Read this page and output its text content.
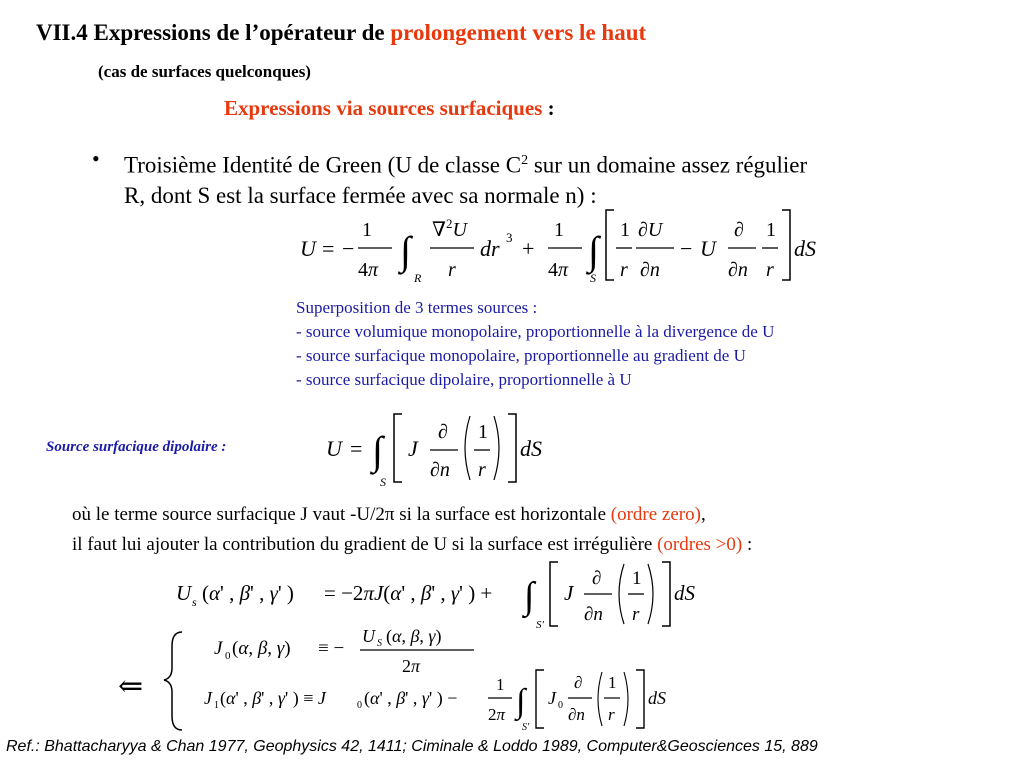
VII.4 Expressions de l’opérateur de prolongement vers le haut
(cas de surfaces quelconques)
Expressions via sources surfaciques :
• Troisième Identité de Green (U de classe $C^2$ sur un domaine assez régulier
R, dont S est la surface fermée avec sa normale n) :
U = −
1
4π ∫
R
∇$^2$U
r
dr 3 +
1
4π ∫
S
1
r
∂U
∂n
− U
∂
∂n
1
r
dS
Superposition de 3 termes sources :
- source volumique monopolaire, proportionnelle à la divergence de U
- source surfacique monopolaire, proportionnelle au gradient de U
- source surfacique dipolaire, proportionnelle à U
Source surfacique dipolaire :	U = ∫
S
J
∂
∂n
1
r
dS
où le terme source surfacique J vaut -U/2π si la surface est horizontale (ordre zero),
il faut lui ajouter la contribution du gradient de U si la surface est irrégulière (ordres >0) :
U s (α' , β' , γ' ) = −2πJ(α' , β' , γ' ) + ∫
S'
J
∂
∂n
1
r
dS
⇐
J 0 (α, β, γ) ≡ −
U S (α, β, γ)
2π
J 1 (α' , β' , γ' ) ≡ J	0 (α' , β' , γ' ) −
1
2π ∫
S'
J 0
∂
∂n
1
r
dS
Ref.: Bhattacharyya & Chan 1977, Geophysics 42, 1411; Ciminale & Loddo 1989, Computer&Geosciences 15, 889
